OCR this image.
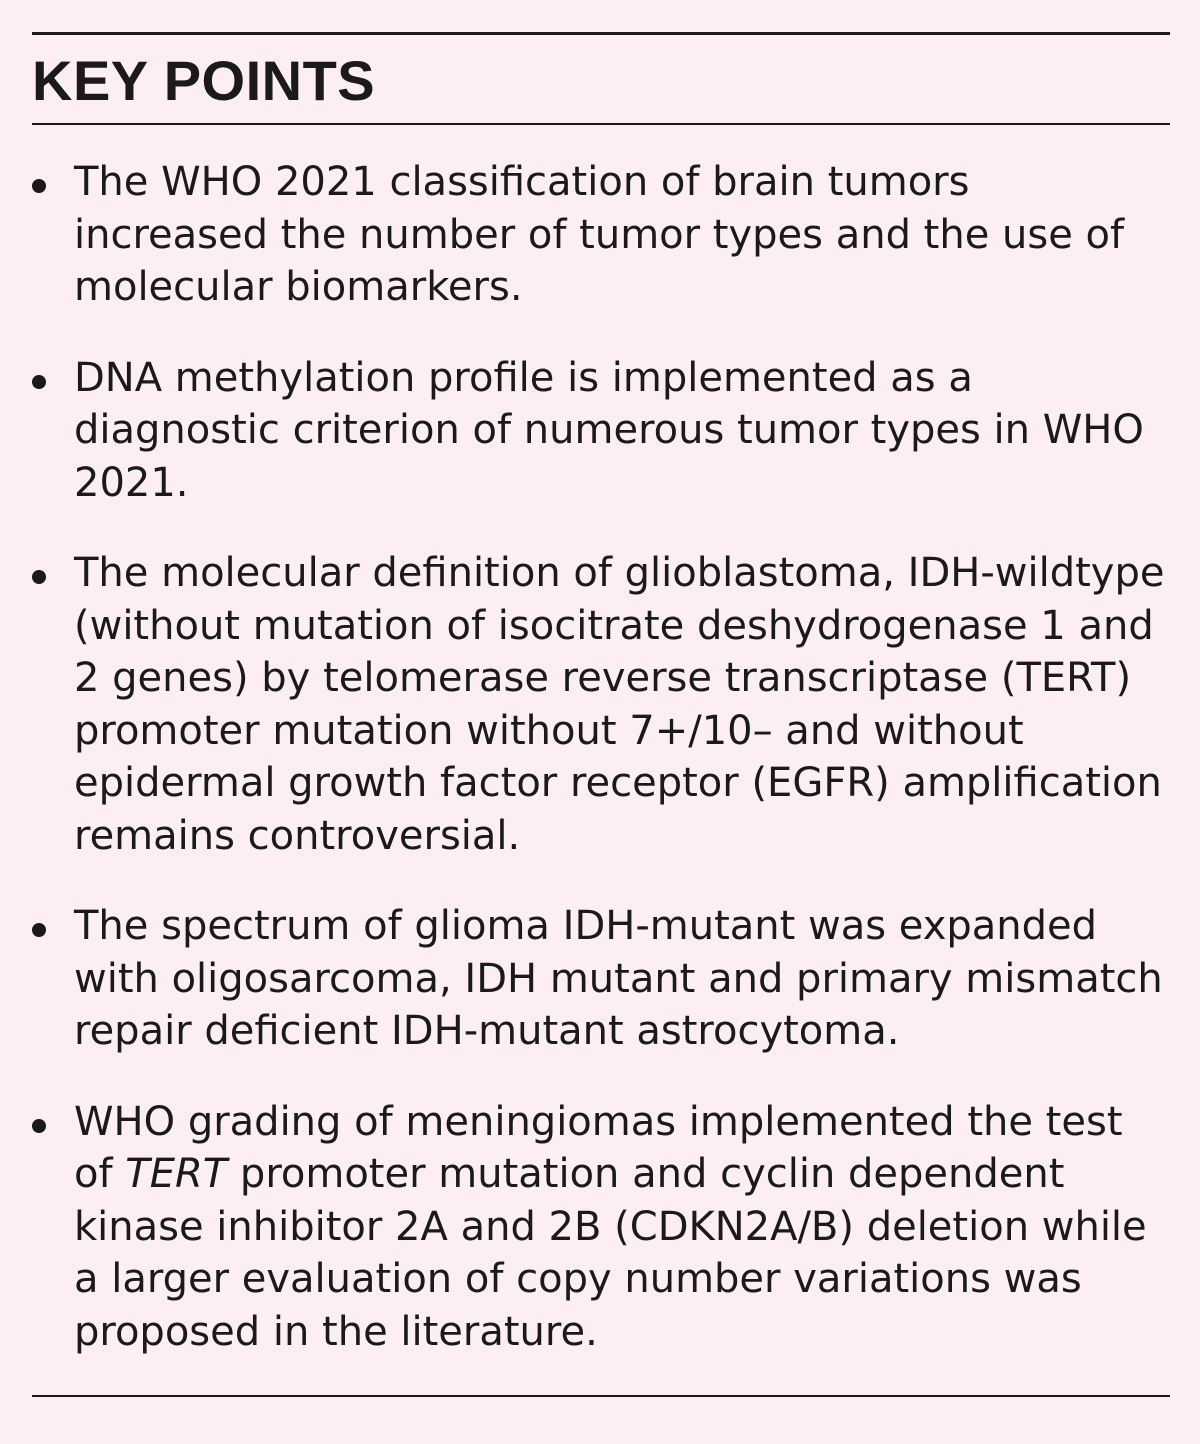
KEY POINTS
The WHO 2021 classification of brain tumors increased the number of tumor types and the use of molecular biomarkers.
DNA methylation profile is implemented as a diagnostic criterion of numerous tumor types in WHO 2021.
The molecular definition of glioblastoma, IDH-wildtype (without mutation of isocitrate deshydrogenase 1 and 2 genes) by telomerase reverse transcriptase (TERT) promoter mutation without 7+/10– and without epidermal growth factor receptor (EGFR) amplification remains controversial.
The spectrum of glioma IDH-mutant was expanded with oligosarcoma, IDH mutant and primary mismatch repair deficient IDH-mutant astrocytoma.
WHO grading of meningiomas implemented the test of TERT promoter mutation and cyclin dependent kinase inhibitor 2A and 2B (CDKN2A/B) deletion while a larger evaluation of copy number variations was proposed in the literature.
